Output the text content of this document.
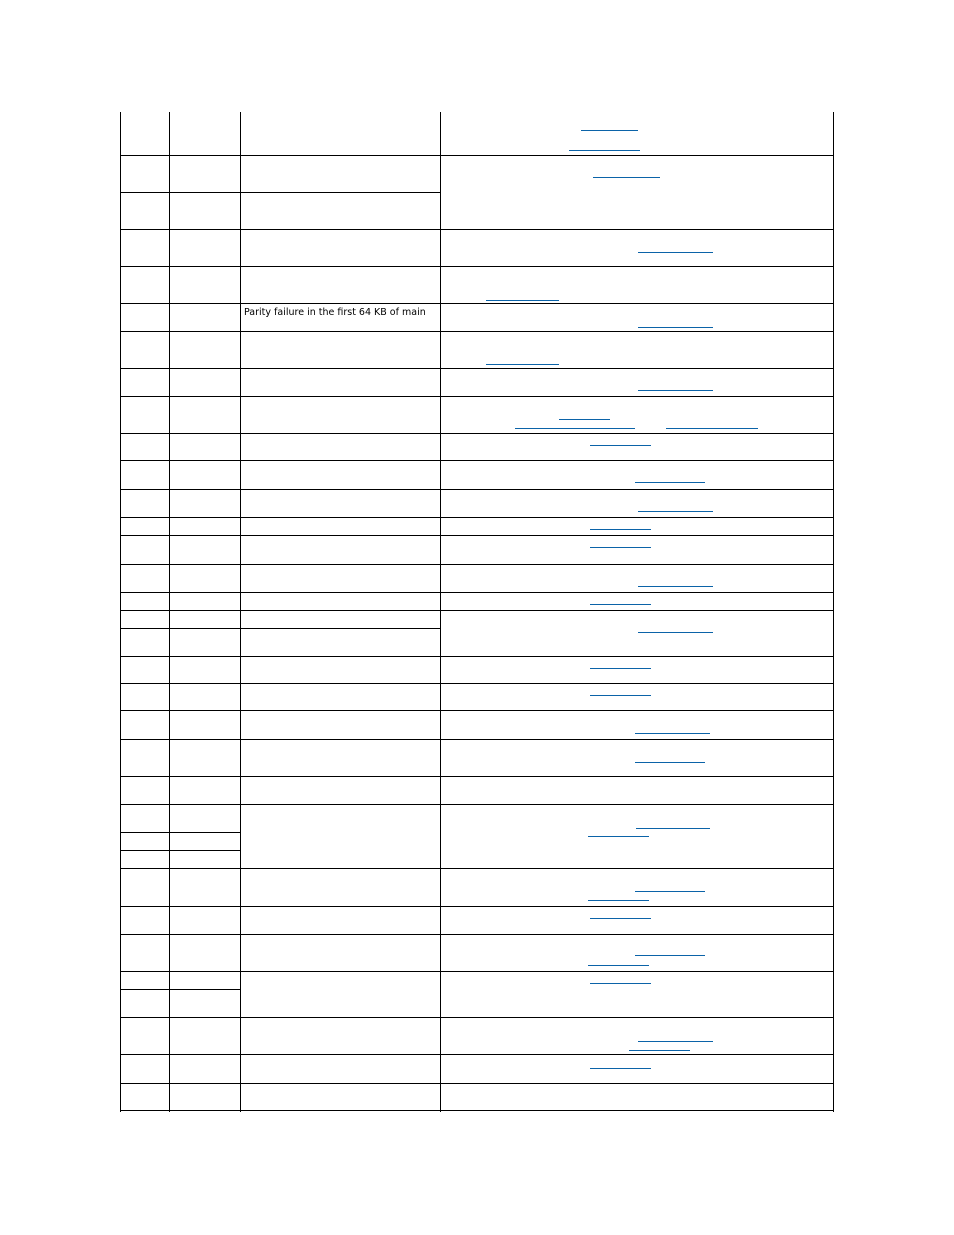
Parity failure in the first 64 KB of main
